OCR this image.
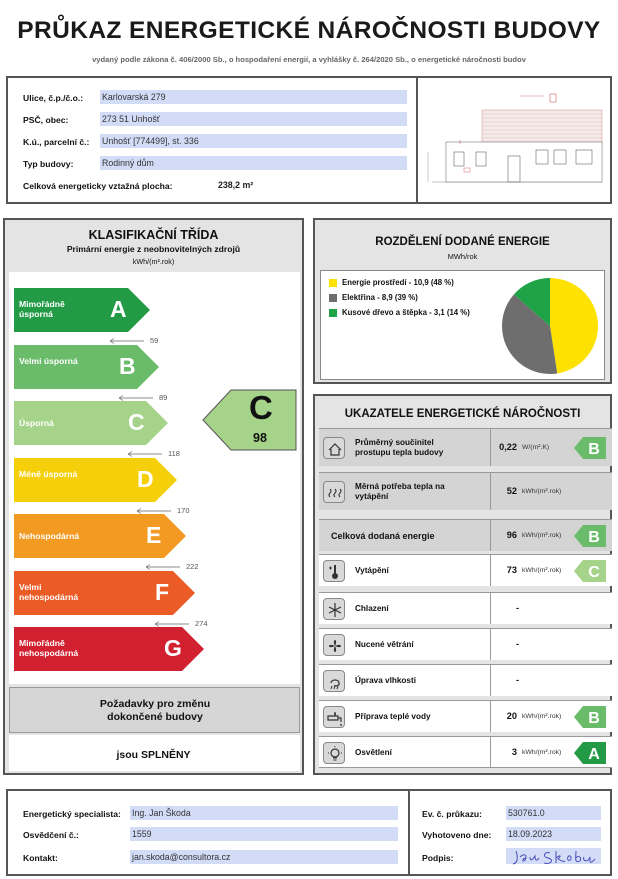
PRŮKAZ ENERGETICKÉ NÁROČNOSTI BUDOVY
vydaný podle zákona č. 406/2000 Sb., o hospodaření energií, a vyhlášky č. 264/2020 Sb., o energetické náročnosti budov
Ulice, č.p./č.o.: Karlovarská 279
PSČ, obec:	273 51 Unhošť
K.ú., parcelní č.: Unhošť [774499], st. 336
Typ budovy:	Rodinný dům
Celková energeticky vztažná plocha:	238,2 m²
KLASIFIKAČNÍ TŘÍDA
Primární energie z neobnovitelných zdrojů
kWh/(m².rok)
Mimořádně úsporná	A
59
Velmi úsporná	B
89
Úsporná	C
118
Méně úsporná	D
170
Nehospodárná	E
222
Velmi nehospodárná	F
274
Mimořádně nehospodárná	G
C
98
Požadavky pro změnu dokončené budovy
jsou SPLNĚNY
ROZDĚLENÍ DODANÉ ENERGIE
MWh/rok
Energie prostředí - 10,9 (48 %)
Elektřina - 8,9 (39 %)
Kusové dřevo a štěpka - 3,1 (14 %)
UKAZATELE ENERGETICKÉ NÁROČNOSTI
Průměrný součinitel prostupu tepla budovy
0,22 W/(m².K) B
Měrná potřeba tepla na vytápění
52 kWh/(m².rok)
Celková dodaná energie	96 kWh/(m².rok) B
Vytápění	73 kWh/(m².rok) C
Chlazení	-
Nucené větrání	-
Úprava vlhkosti	-
Příprava teplé vody	20 kWh/(m².rok) B
Osvětlení	3 kWh/(m².rok) A
Energetický specialista: Ing. Jan Škoda
Osvědčení č.:	1559
Kontakt:	jan.skoda@consultora.cz
Ev. č. průkazu:	530761.0
Vyhotoveno dne: 18.09.2023
Podpis:
